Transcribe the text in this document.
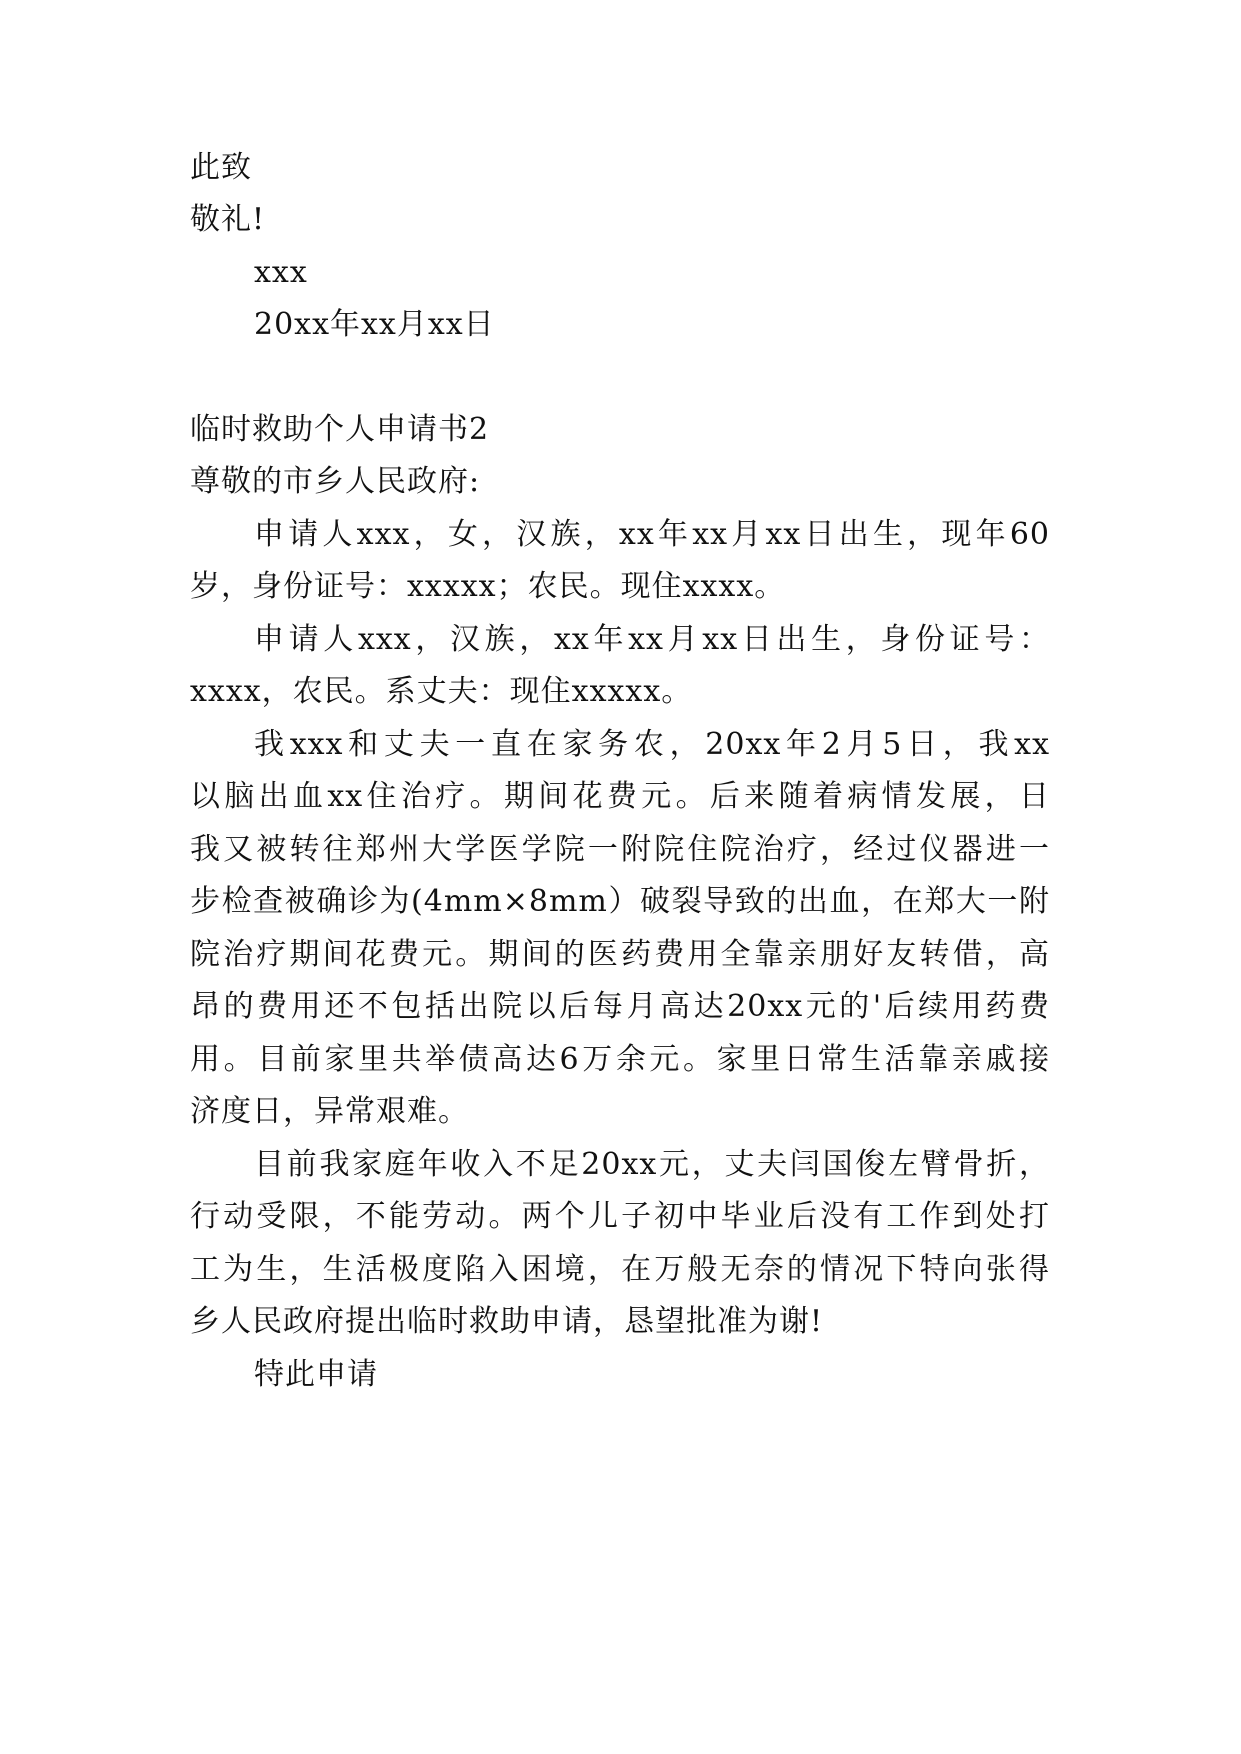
此致
敬礼!
xxx
20xx年xx月xx日
临时救助个人申请书2
尊敬的市乡人民政府:
申请人xxx，女，汉族，xx年xx月xx日出生，现年60
岁，身份证号：xxxxx；农民。现住xxxx。
申请人xxx，汉族，xx年xx月xx日出生，身份证号：
xxxx，农民。系丈夫：现住xxxxx。
我xxx和丈夫一直在家务农，20xx年2月5日，我xx
以脑出血xx住治疗。期间花费元。后来随着病情发展，日
我又被转往郑州大学医学院一附院住院治疗，经过仪器进一
步检查被确诊为(4mm×8mm）破裂导致的出血，在郑大一附
院治疗期间花费元。期间的医药费用全靠亲朋好友转借，高
昂的费用还不包括出院以后每月高达20xx元的'后续用药费
用。目前家里共举债高达6万余元。家里日常生活靠亲戚接
济度日，异常艰难。
目前我家庭年收入不足20xx元，丈夫闫国俊左臂骨折，
行动受限，不能劳动。两个儿子初中毕业后没有工作到处打
工为生，生活极度陷入困境，在万般无奈的情况下特向张得
乡人民政府提出临时救助申请，恳望批准为谢!
特此申请
